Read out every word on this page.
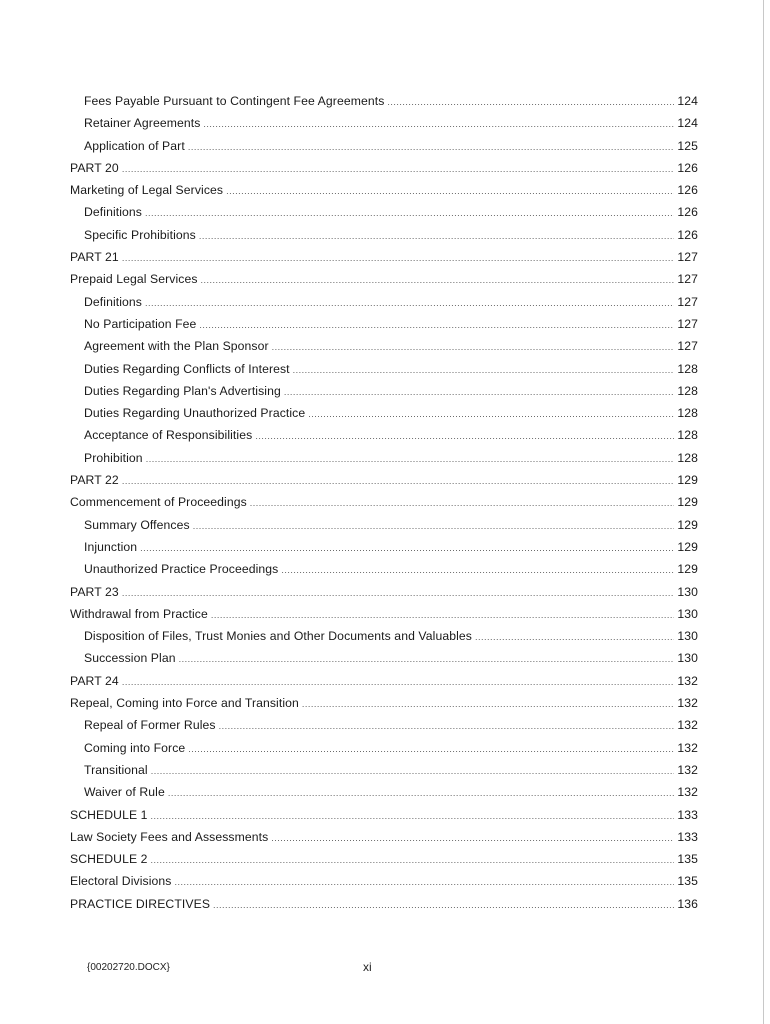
Fees Payable Pursuant to Contingent Fee Agreements .....	124
Retainer Agreements .....	124
Application of Part .....	125
PART 20 .....	126
Marketing of Legal Services .....	126
Definitions .....	126
Specific Prohibitions .....	126
PART 21 .....	127
Prepaid Legal Services .....	127
Definitions .....	127
No Participation Fee .....	127
Agreement with the Plan Sponsor .....	127
Duties Regarding Conflicts of Interest .....	128
Duties Regarding Plan's Advertising .....	128
Duties Regarding Unauthorized Practice .....	128
Acceptance of Responsibilities .....	128
Prohibition .....	128
PART 22 .....	129
Commencement of Proceedings .....	129
Summary Offences .....	129
Injunction .....	129
Unauthorized Practice Proceedings .....	129
PART 23 .....	130
Withdrawal from Practice .....	130
Disposition of Files, Trust Monies and Other Documents and Valuables .....	130
Succession Plan .....	130
PART 24 .....	132
Repeal, Coming into Force and Transition .....	132
Repeal of Former Rules .....	132
Coming into Force .....	132
Transitional .....	132
Waiver of Rule .....	132
SCHEDULE 1 .....	133
Law Society Fees and Assessments .....	133
SCHEDULE 2 .....	135
Electoral Divisions .....	135
PRACTICE DIRECTIVES .....	136
{00202720.DOCX}	xi
